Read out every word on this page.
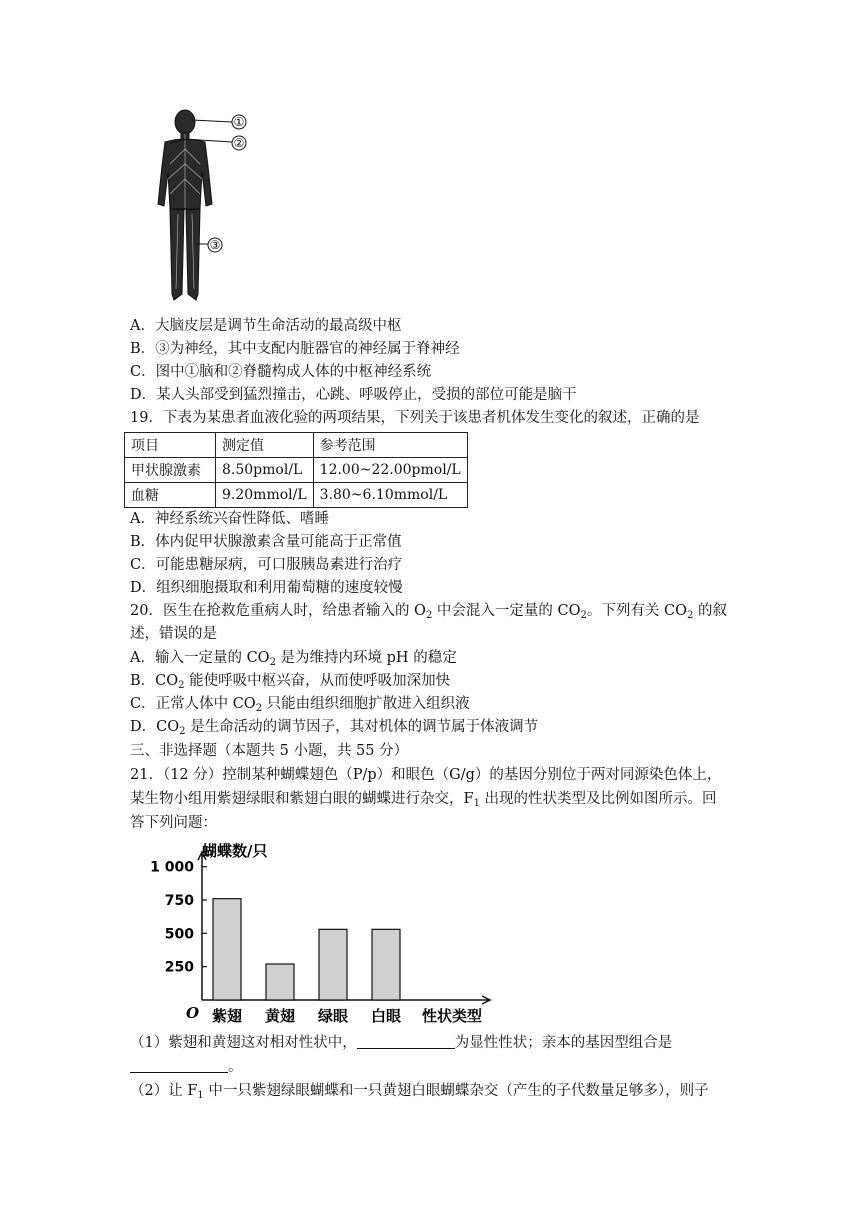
①
②
③
A．大脑皮层是调节生命活动的最高级中枢
B．③为神经，其中支配内脏器官的神经属于脊神经
C．图中①脑和②脊髓构成人体的中枢神经系统
D．某人头部受到猛烈撞击，心跳、呼吸停止，受损的部位可能是脑干
19．下表为某患者血液化验的两项结果，下列关于该患者机体发生变化的叙述，正确的是
项目	测定值	参考范围
甲状腺激素	8.50pmol/L	12.00~22.00pmol/L
血糖	9.20mmol/L	3.80~6.10mmol/L
A．神经系统兴奋性降低、嗜睡
B．体内促甲状腺激素含量可能高于正常值
C．可能患糖尿病，可口服胰岛素进行治疗
D．组织细胞摄取和利用葡萄糖的速度较慢
20．医生在抢救危重病人时，给患者输入的 $O_2$ 中会混入一定量的 $CO_2$。下列有关 $CO_2$ 的叙
述，错误的是
A．输入一定量的 $CO_2$ 是为维持内环境 pH 的稳定
B．$CO_2$ 能使呼吸中枢兴奋，从而使呼吸加深加快
C．正常人体中 $CO_2$ 只能由组织细胞扩散进入组织液
D．$CO_2$ 是生命活动的调节因子，其对机体的调节属于体液调节
三、非选择题（本题共 5 小题，共 55 分）
21．（12 分）控制某种蝴蝶翅色（P/p）和眼色（G/g）的基因分别位于两对同源染色体上，
某生物小组用紫翅绿眼和紫翅白眼的蝴蝶进行杂交，$F_1$ 出现的性状类型及比例如图所示。回
答下列问题：
250
500
750
1 000
紫翅 黄翅 绿眼 白眼
蝴蝶数/只
性状类型
O
（1）紫翅和黄翅这对相对性状中，	为显性性状；亲本的基因型组合是
。
（2）让 $F_1$ 中一只紫翅绿眼蝴蝶和一只黄翅白眼蝴蝶杂交（产生的子代数量足够多），则子
